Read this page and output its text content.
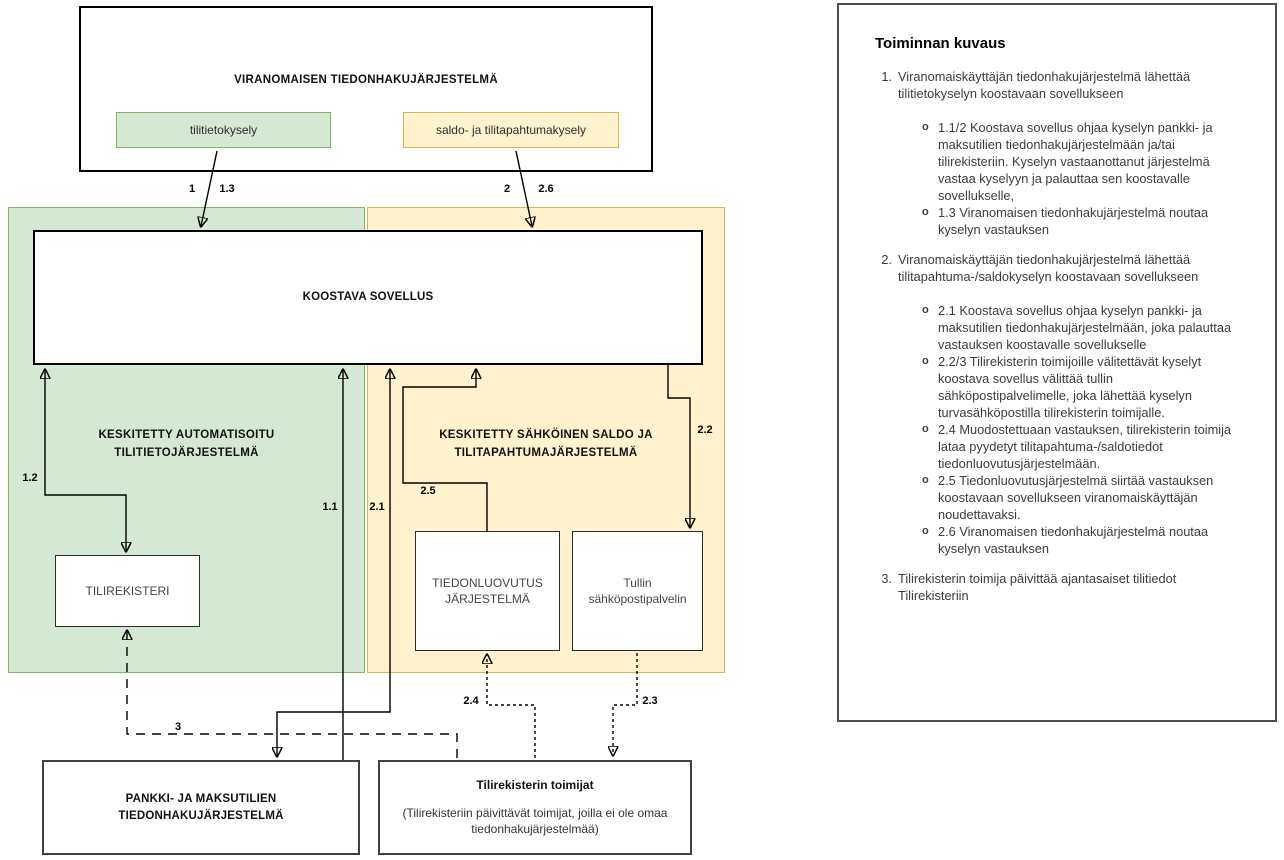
KESKITETTY AUTOMATISOITU
TILITIETOJÄRJESTELMÄ
KESKITETTY SÄHKÖINEN SALDO JA
TILITAPAHTUMAJÄRJESTELMÄ
VIRANOMAISEN TIEDONHAKUJÄRJESTELMÄ
tilitietokysely	saldo- ja tilitapahtumakysely
KOOSTAVA SOVELLUS
TILIREKISTERI
TIEDONLUOVUTUS
JÄRJESTELMÄ
Tullin
sähköpostipalvelin
PANKKI- JA MAKSUTILIEN
TIEDONHAKUJÄRJESTELMÄ
Tilirekisterin toimijat
(Tilirekisteriin päivittävät toimijat, joilla ei ole omaa tiedonhakujärjestelmää)
1 1.3	2	2.6
1.2
1.1	2.1
2.5
2.2
2.4	2.3
3
Toiminnan kuvaus
1. Viranomaiskäyttäjän tiedonhakujärjestelmä lähettää tilitietokyselyn koostavaan sovellukseen
o 1.1/2 Koostava sovellus ohjaa kyselyn pankki- ja maksutilien tiedonhakujärjestelmään ja/tai tilirekisteriin. Kyselyn vastaanottanut järjestelmä vastaa kyselyyn ja palauttaa sen koostavalle sovellukselle,
o 1.3 Viranomaisen tiedonhakujärjestelmä noutaa kyselyn vastauksen
2. Viranomaiskäyttäjän tiedonhakujärjestelmä lähettää tilitapahtuma-/saldokyselyn koostavaan sovellukseen
o 2.1 Koostava sovellus ohjaa kyselyn pankki- ja maksutilien tiedonhakujärjestelmään, joka palauttaa vastauksen koostavalle sovellukselle
o 2.2/3 Tilirekisterin toimijoille välitettävät kyselyt koostava sovellus välittää tullin sähköpostipalvelimelle, joka lähettää kyselyn turvasähköpostilla tilirekisterin toimijalle.
o 2.4 Muodostettuaan vastauksen, tilirekisterin toimija lataa pyydetyt tilitapahtuma-/saldotiedot tiedonluovutusjärjestelmään.
o 2.5 Tiedonluovutusjärjestelmä siirtää vastauksen koostavaan sovellukseen viranomaiskäyttäjän noudettavaksi.
o 2.6 Viranomaisen tiedonhakujärjestelmä noutaa kyselyn vastauksen
3. Tilirekisterin toimija päivittää ajantasaiset tilitiedot Tilirekisteriin
